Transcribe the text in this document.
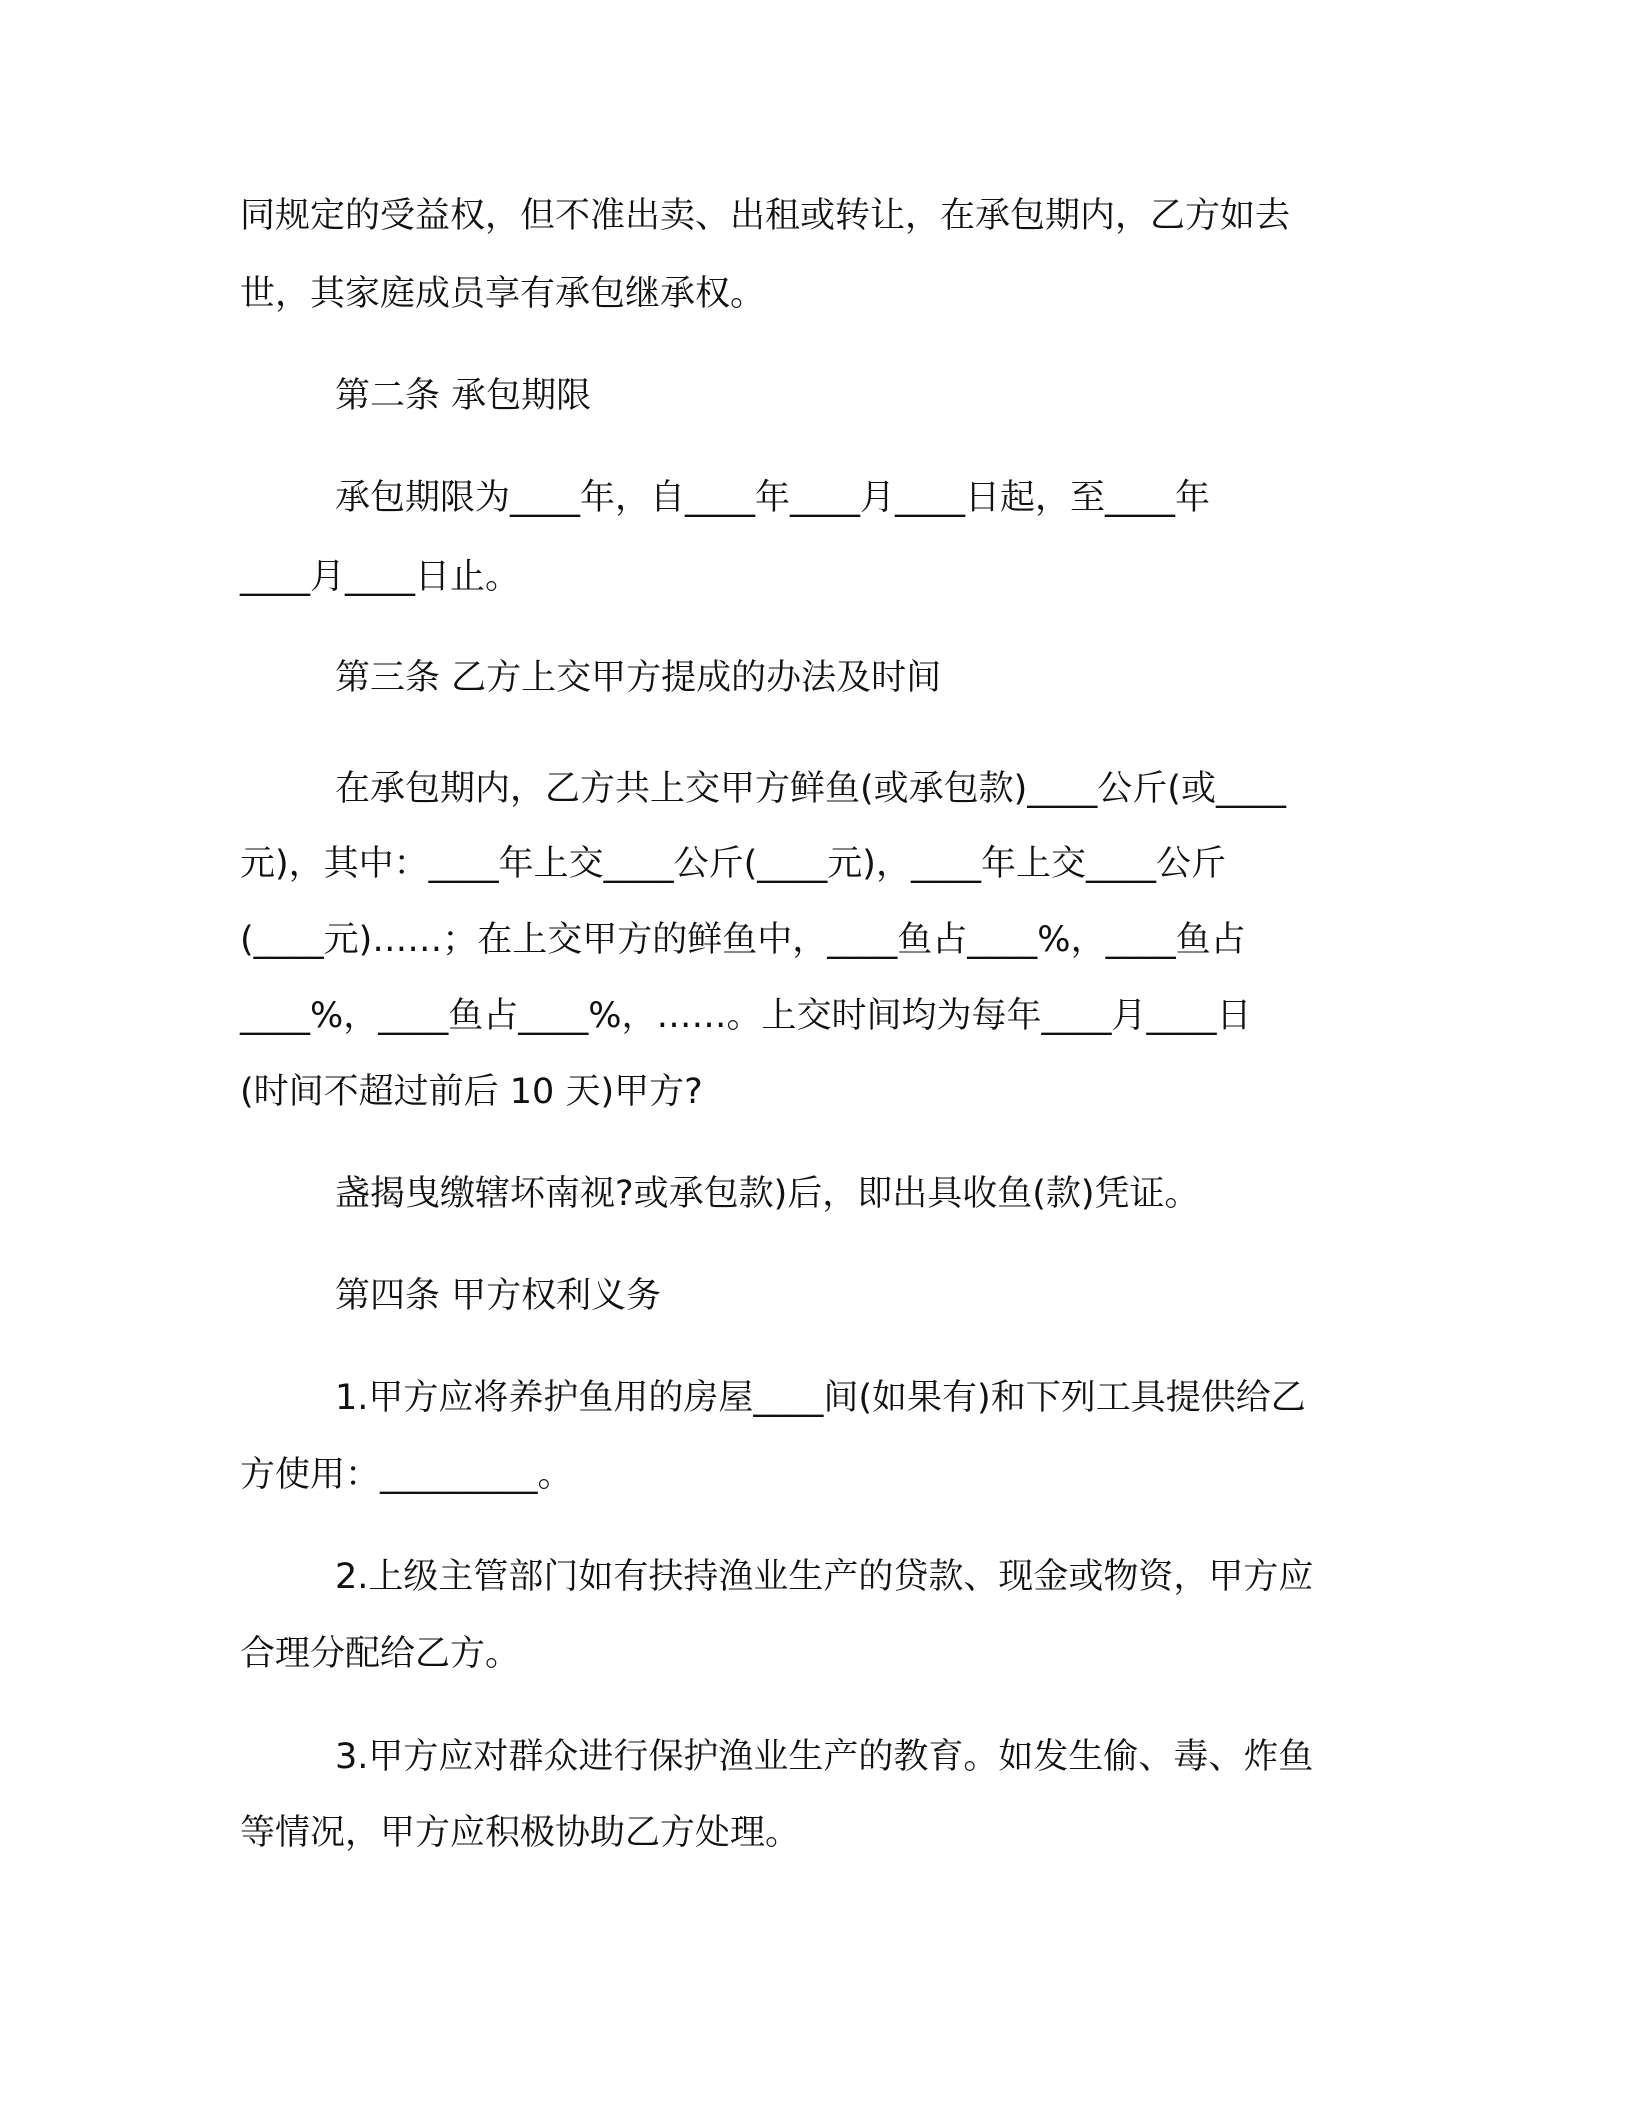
同规定的受益权，但不准出卖、出租或转让，在承包期内，乙方如去

世，其家庭成员享有承包继承权。

第二条 承包期限

承包期限为____年，自____年____月____日起，至____年

____月____日止。

第三条 乙方上交甲方提成的办法及时间

在承包期内，乙方共上交甲方鲜鱼(或承包款)____公斤(或____

元)，其中：____年上交____公斤(____元)，____年上交____公斤

(____元)……；在上交甲方的鲜鱼中，____鱼占____%，____鱼占

____%，____鱼占____%，……。上交时间均为每年____月____日

(时间不超过前后 10 天)甲方?

盏揭曳缴辖坏南视?或承包款)后，即出具收鱼(款)凭证。

第四条 甲方权利义务

1.甲方应将养护鱼用的房屋____间(如果有)和下列工具提供给乙

方使用：_________。

2.上级主管部门如有扶持渔业生产的贷款、现金或物资，甲方应

合理分配给乙方。

3.甲方应对群众进行保护渔业生产的教育。如发生偷、毒、炸鱼

等情况，甲方应积极协助乙方处理。
